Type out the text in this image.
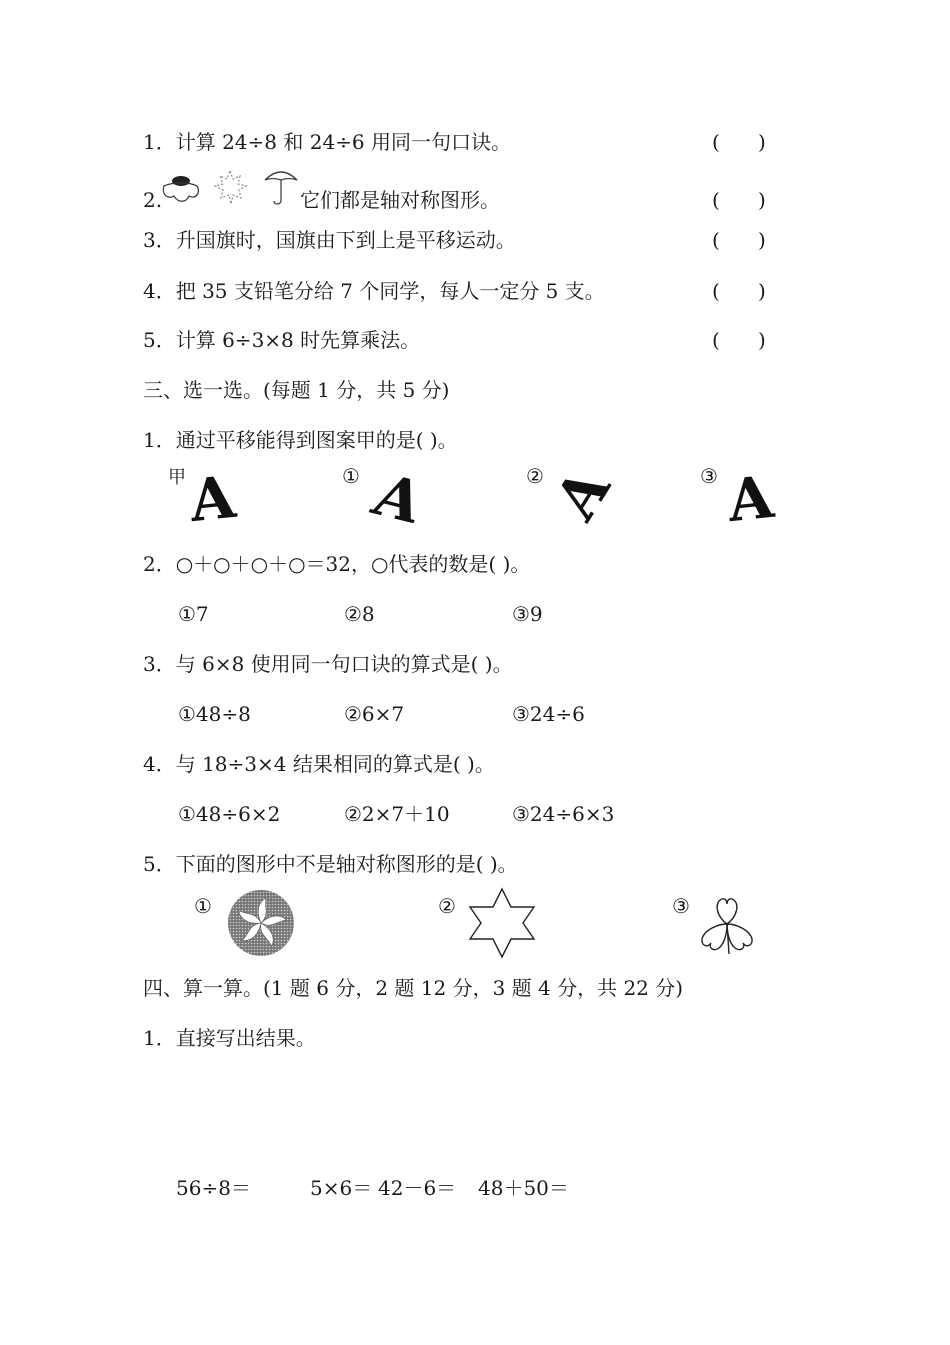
1．计算 24÷8 和 24÷6 用同一句口诀。	(      )
2.	它们都是轴对称图形。	(      )
3．升国旗时，国旗由下到上是平移运动。	(      )
4．把 35 支铅笔分给 7 个同学，每人一定分 5 支。	(      )
5．计算 6÷3×8 时先算乘法。	(      )
三、选一选。(每题 1 分，共 5 分)
1．通过平移能得到图案甲的是( )。
甲 A	① A	②
A	③ A
2．○＋○＋○＋○＝32，○代表的数是( )。
①7	②8	③9
3．与 6×8 使用同一句口诀的算式是( )。
①48÷8	②6×7	③24÷6
4．与 18÷3×4 结果相同的算式是( )。
①48÷6×2	②2×7＋10	③24÷6×3
5．下面的图形中不是轴对称图形的是( )。
①	②	③
四、算一算。(1 题 6 分，2 题 12 分，3 题 4 分，共 22 分)
1．直接写出结果。
56÷8＝	5×6＝ 42－6＝ 48＋50＝
